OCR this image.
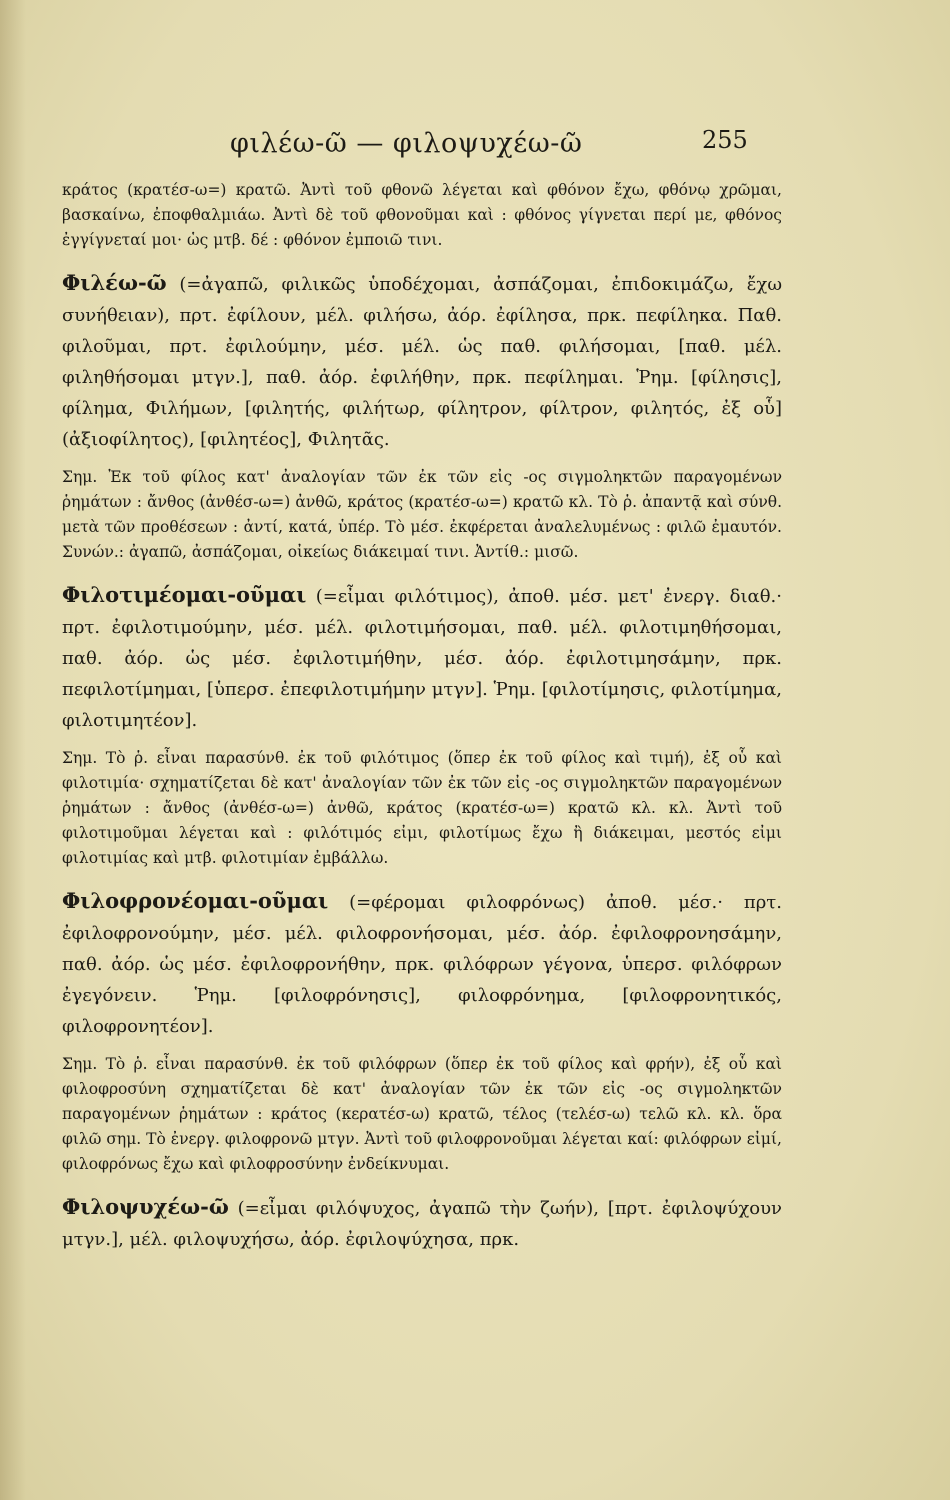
φιλέω-ῶ — φιλοψυχέω-ῶ	255

κράτος (κρατέσ-ω=) κρατῶ. Ἀντὶ τοῦ φθονῶ λέγεται καὶ φθόνον ἔχω, φθόνῳ χρῶμαι, βασκαίνω, ἐποφθαλμιάω. Ἀντὶ δὲ τοῦ φθονοῦμαι καὶ : φθόνος γίγνεται περί με, φθόνος ἐγγίγνεταί μοι· ὡς μτβ. δέ : φθόνον ἐμποιῶ τινι.

Φιλέω-ῶ (=ἀγαπῶ, φιλικῶς ὑποδέχομαι, ἀσπάζομαι, ἐπιδοκιμάζω, ἔχω συνήθειαν), πρτ. ἐφίλουν, μέλ. φιλήσω, ἀόρ. ἐφίλησα, πρκ. πεφίληκα. Παθ. φιλοῦμαι, πρτ. ἐφιλούμην, μέσ. μέλ. ὡς παθ. φιλήσομαι, [παθ. μέλ. φιληθήσομαι μτγν.], παθ. ἀόρ. ἐφιλήθην, πρκ. πεφίλημαι. Ῥημ. [φίλησις], φίλημα, Φιλήμων, [φιλητής, φιλήτωρ, φίλητρον, φίλτρον, φιλητός, ἐξ οὗ] (ἀξιοφίλητος), [φιλητέος], Φιλητᾶς.

Σημ. Ἐκ τοῦ φίλος κατ' ἀναλογίαν τῶν ἐκ τῶν εἰς -ος σιγμοληκτῶν παραγομένων ῥημάτων : ἄνθος (ἀνθέσ-ω=) ἀνθῶ, κράτος (κρατέσ-ω=) κρατῶ κλ. Τὸ ῥ. ἀπαντᾷ καὶ σύνθ. μετὰ τῶν προθέσεων : ἀντί, κατά, ὑπέρ. Τὸ μέσ. ἐκφέρεται ἀναλελυμένως : φιλῶ ἐμαυτόν. Συνών.: ἀγαπῶ, ἀσπάζομαι, οἰκείως διάκειμαί τινι. Ἀντίθ.: μισῶ.

Φιλοτιμέομαι-οῦμαι (=εἶμαι φιλότιμος), ἀποθ. μέσ. μετ' ἐνεργ. διαθ.· πρτ. ἐφιλοτιμούμην, μέσ. μέλ. φιλοτιμήσομαι, παθ. μέλ. φιλοτιμηθήσομαι, παθ. ἀόρ. ὡς μέσ. ἐφιλοτιμήθην, μέσ. ἀόρ. ἐφιλοτιμησάμην, πρκ. πεφιλοτίμημαι, [ὑπερσ. ἐπεφιλοτιμήμην μτγν]. Ῥημ. [φιλοτίμησις, φιλοτίμημα, φιλοτιμητέον].

Σημ. Τὸ ῥ. εἶναι παρασύνθ. ἐκ τοῦ φιλότιμος (ὅπερ ἐκ τοῦ φίλος καὶ τιμή), ἐξ οὗ καὶ φιλοτιμία· σχηματίζεται δὲ κατ' ἀναλογίαν τῶν ἐκ τῶν εἰς -ος σιγμοληκτῶν παραγομένων ῥημάτων : ἄνθος (ἀνθέσ-ω=) ἀνθῶ, κράτος (κρατέσ-ω=) κρατῶ κλ. κλ. Ἀντὶ τοῦ φιλοτιμοῦμαι λέγεται καὶ : φιλότιμός εἰμι, φιλοτίμως ἔχω ἢ διάκειμαι, μεστός εἰμι φιλοτιμίας καὶ μτβ. φιλοτιμίαν ἐμβάλλω.

Φιλοφρονέομαι-οῦμαι (=φέρομαι φιλοφρόνως) ἀποθ. μέσ.· πρτ. ἐφιλοφρονούμην, μέσ. μέλ. φιλοφρονήσομαι, μέσ. ἀόρ. ἐφιλοφρονησάμην, παθ. ἀόρ. ὡς μέσ. ἐφιλοφρονήθην, πρκ. φιλόφρων γέγονα, ὑπερσ. φιλόφρων ἐγεγόνειν. Ῥημ. [φιλοφρόνησις], φιλοφρόνημα, [φιλοφρονητικός, φιλοφρονητέον].

Σημ. Τὸ ῥ. εἶναι παρασύνθ. ἐκ τοῦ φιλόφρων (ὅπερ ἐκ τοῦ φίλος καὶ φρήν), ἐξ οὗ καὶ φιλοφροσύνη σχηματίζεται δὲ κατ' ἀναλογίαν τῶν ἐκ τῶν εἰς -ος σιγμοληκτῶν παραγομένων ῥημάτων : κράτος (κερατέσ-ω) κρατῶ, τέλος (τελέσ-ω) τελῶ κλ. κλ. ὅρα φιλῶ σημ. Τὸ ἐνεργ. φιλοφρονῶ μτγν. Ἀντὶ τοῦ φιλοφρονοῦμαι λέγεται καί: φιλόφρων εἰμί, φιλοφρόνως ἔχω καὶ φιλοφροσύνην ἐνδείκνυμαι.

Φιλοψυχέω-ῶ (=εἶμαι φιλόψυχος, ἀγαπῶ τὴν ζωήν), [πρτ. ἐφιλοψύχουν μτγν.], μέλ. φιλοψυχήσω, ἀόρ. ἐφιλοψύχησα, πρκ.
